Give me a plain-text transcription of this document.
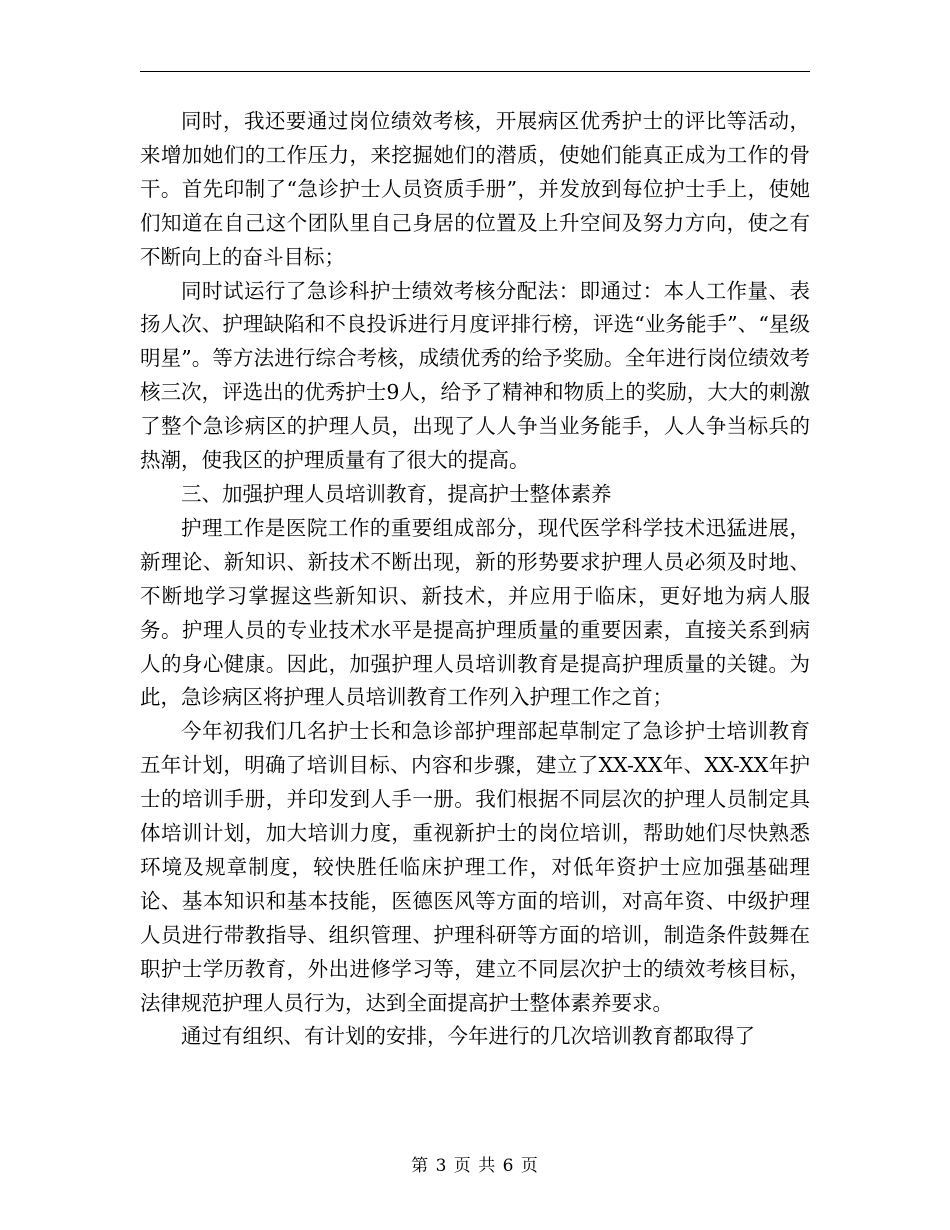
同时，我还要通过岗位绩效考核，开展病区优秀护士的评比等活动，来增加她们的工作压力，来挖掘她们的潜质，使她们能真正成为工作的骨干。首先印制了“急诊护士人员资质手册”，并发放到每位护士手上，使她们知道在自己这个团队里自己身居的位置及上升空间及努力方向，使之有不断向上的奋斗目标；

同时试运行了急诊科护士绩效考核分配法：即通过：本人工作量、表扬人次、护理缺陷和不良投诉进行月度评排行榜，评选“业务能手”、“星级明星”。等方法进行综合考核，成绩优秀的给予奖励。全年进行岗位绩效考核三次，评选出的优秀护士9人，给予了精神和物质上的奖励，大大的刺激了整个急诊病区的护理人员，出现了人人争当业务能手，人人争当标兵的热潮，使我区的护理质量有了很大的提高。

三、加强护理人员培训教育，提高护士整体素养

护理工作是医院工作的重要组成部分，现代医学科学技术迅猛进展，新理论、新知识、新技术不断出现，新的形势要求护理人员必须及时地、不断地学习掌握这些新知识、新技术，并应用于临床，更好地为病人服务。护理人员的专业技术水平是提高护理质量的重要因素，直接关系到病人的身心健康。因此，加强护理人员培训教育是提高护理质量的关键。为此，急诊病区将护理人员培训教育工作列入护理工作之首；

今年初我们几名护士长和急诊部护理部起草制定了急诊护士培训教育五年计划，明确了培训目标、内容和步骤，建立了XX-XX年、XX-XX年护士的培训手册，并印发到人手一册。我们根据不同层次的护理人员制定具体培训计划，加大培训力度，重视新护士的岗位培训，帮助她们尽快熟悉环境及规章制度，较快胜任临床护理工作，对低年资护士应加强基础理论、基本知识和基本技能，医德医风等方面的培训，对高年资、中级护理人员进行带教指导、组织管理、护理科研等方面的培训，制造条件鼓舞在职护士学历教育，外出进修学习等，建立不同层次护士的绩效考核目标，法律规范护理人员行为，达到全面提高护士整体素养要求。

通过有组织、有计划的安排，今年进行的几次培训教育都取得了

第 3 页 共 6 页
